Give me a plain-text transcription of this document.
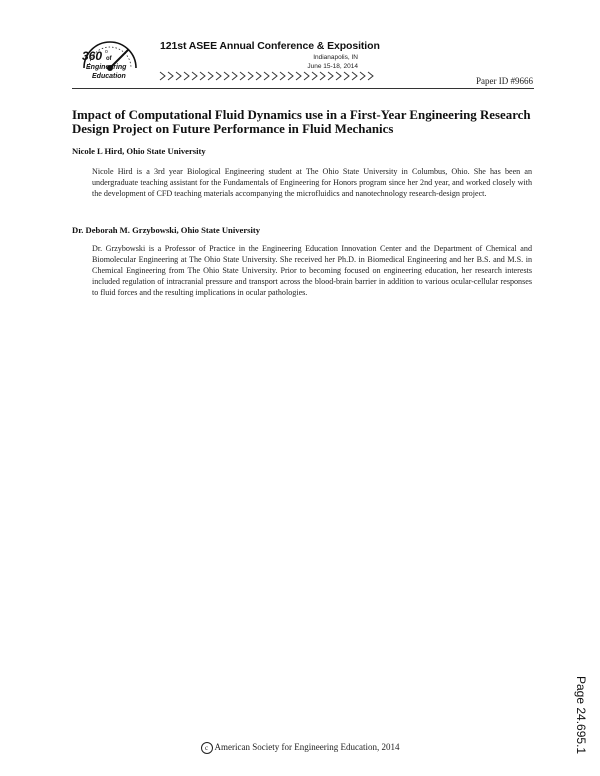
360 o
of
Engineering
Education
121st ASEE Annual Conference & Exposition
Indianapolis, IN
June 15-18, 2014
Paper ID #9666
Impact of Computational Fluid Dynamics use in a First-Year Engineering Research Design Project on Future Performance in Fluid Mechanics
Nicole L Hird, Ohio State University
Nicole Hird is a 3rd year Biological Engineering student at The Ohio State University in Columbus, Ohio. She has been an undergraduate teaching assistant for the Fundamentals of Engineering for Honors program since her 2nd year, and worked closely with the development of CFD teaching materials accompanying the microfluidics and nanotechnology research-design project.
Dr. Deborah M. Grzybowski, Ohio State University
Dr. Grzybowski is a Professor of Practice in the Engineering Education Innovation Center and the Department of Chemical and Biomolecular Engineering at The Ohio State University. She received her Ph.D. in Biomedical Engineering and her B.S. and M.S. in Chemical Engineering from The Ohio State University. Prior to becoming focused on engineering education, her research interests included regulation of intracranial pressure and transport across the blood-brain barrier in addition to various ocular-cellular responses to fluid forces and the resulting implications in ocular pathologies.
Page 24.695.1
c American Society for Engineering Education, 2014
